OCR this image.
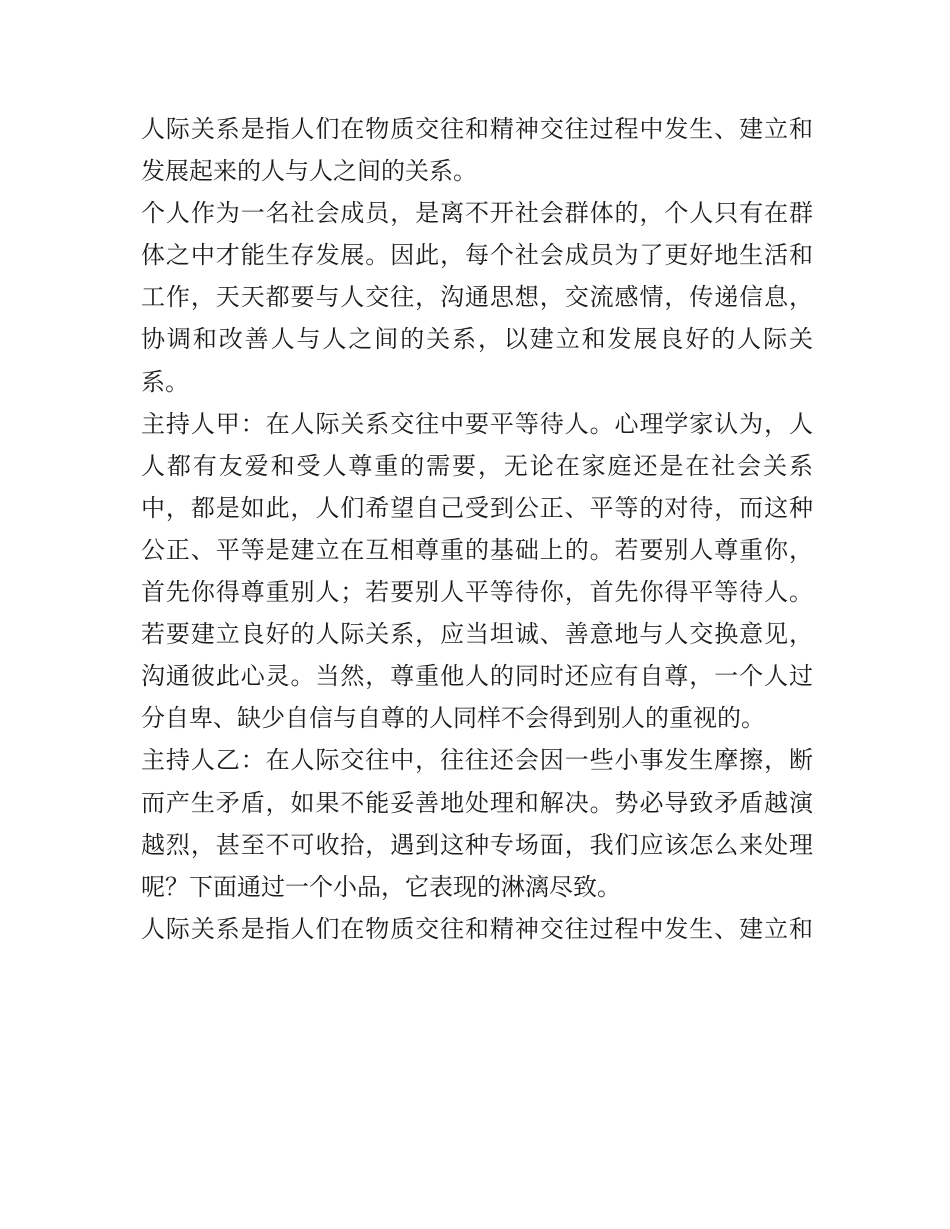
人际关系是指人们在物质交往和精神交往过程中发生、建立和
发展起来的人与人之间的关系。
个人作为一名社会成员，是离不开社会群体的，个人只有在群
体之中才能生存发展。因此，每个社会成员为了更好地生活和
工作，天天都要与人交往，沟通思想，交流感情，传递信息，
协调和改善人与人之间的关系，以建立和发展良好的人际关
系。
主持人甲：在人际关系交往中要平等待人。心理学家认为，人
人都有友爱和受人尊重的需要，无论在家庭还是在社会关系
中，都是如此，人们希望自己受到公正、平等的对待，而这种
公正、平等是建立在互相尊重的基础上的。若要别人尊重你，
首先你得尊重别人；若要别人平等待你，首先你得平等待人。
若要建立良好的人际关系，应当坦诚、善意地与人交换意见，
沟通彼此心灵。当然，尊重他人的同时还应有自尊，一个人过
分自卑、缺少自信与自尊的人同样不会得到别人的重视的。
主持人乙：在人际交往中，往往还会因一些小事发生摩擦，断
而产生矛盾，如果不能妥善地处理和解决。势必导致矛盾越演
越烈，甚至不可收拾，遇到这种专场面，我们应该怎么来处理
呢？下面通过一个小品，它表现的淋漓尽致。
人际关系是指人们在物质交往和精神交往过程中发生、建立和
